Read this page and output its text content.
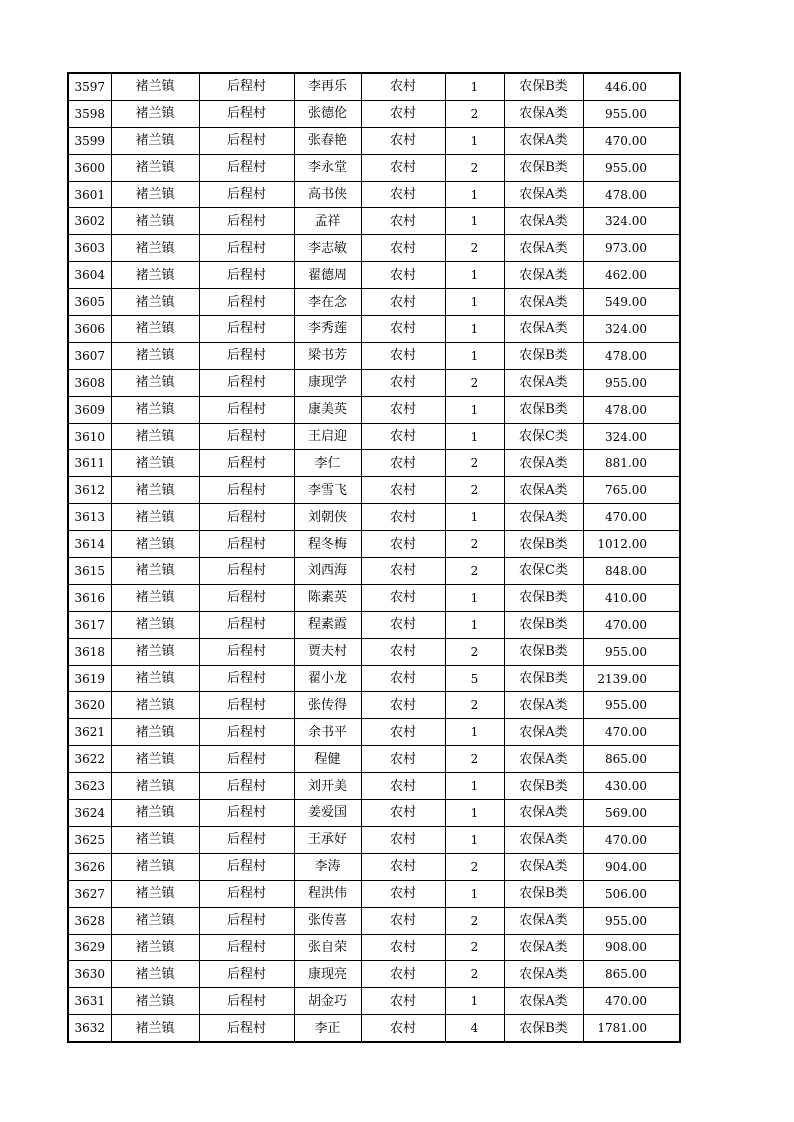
3597	褚兰镇	后程村	李再乐	农村	1	农保B类	446.00
3598	褚兰镇	后程村	张德伦	农村	2	农保A类	955.00
3599	褚兰镇	后程村	张春艳	农村	1	农保A类	470.00
3600	褚兰镇	后程村	李永堂	农村	2	农保B类	955.00
3601	褚兰镇	后程村	高书侠	农村	1	农保A类	478.00
3602	褚兰镇	后程村	孟祥	农村	1	农保A类	324.00
3603	褚兰镇	后程村	李志敏	农村	2	农保A类	973.00
3604	褚兰镇	后程村	翟德周	农村	1	农保A类	462.00
3605	褚兰镇	后程村	李在念	农村	1	农保A类	549.00
3606	褚兰镇	后程村	李秀莲	农村	1	农保A类	324.00
3607	褚兰镇	后程村	梁书芳	农村	1	农保B类	478.00
3608	褚兰镇	后程村	康现学	农村	2	农保A类	955.00
3609	褚兰镇	后程村	康美英	农村	1	农保B类	478.00
3610	褚兰镇	后程村	王启迎	农村	1	农保C类	324.00
3611	褚兰镇	后程村	李仁	农村	2	农保A类	881.00
3612	褚兰镇	后程村	李雪飞	农村	2	农保A类	765.00
3613	褚兰镇	后程村	刘朝侠	农村	1	农保A类	470.00
3614	褚兰镇	后程村	程冬梅	农村	2	农保B类	1012.00
3615	褚兰镇	后程村	刘西海	农村	2	农保C类	848.00
3616	褚兰镇	后程村	陈素英	农村	1	农保B类	410.00
3617	褚兰镇	后程村	程素霞	农村	1	农保B类	470.00
3618	褚兰镇	后程村	贾夫村	农村	2	农保B类	955.00
3619	褚兰镇	后程村	翟小龙	农村	5	农保B类	2139.00
3620	褚兰镇	后程村	张传得	农村	2	农保A类	955.00
3621	褚兰镇	后程村	余书平	农村	1	农保A类	470.00
3622	褚兰镇	后程村	程健	农村	2	农保A类	865.00
3623	褚兰镇	后程村	刘开美	农村	1	农保B类	430.00
3624	褚兰镇	后程村	姜爱国	农村	1	农保A类	569.00
3625	褚兰镇	后程村	王承好	农村	1	农保A类	470.00
3626	褚兰镇	后程村	李涛	农村	2	农保A类	904.00
3627	褚兰镇	后程村	程洪伟	农村	1	农保B类	506.00
3628	褚兰镇	后程村	张传喜	农村	2	农保A类	955.00
3629	褚兰镇	后程村	张自荣	农村	2	农保A类	908.00
3630	褚兰镇	后程村	康现亮	农村	2	农保A类	865.00
3631	褚兰镇	后程村	胡金巧	农村	1	农保A类	470.00
3632	褚兰镇	后程村	李正	农村	4	农保B类	1781.00
